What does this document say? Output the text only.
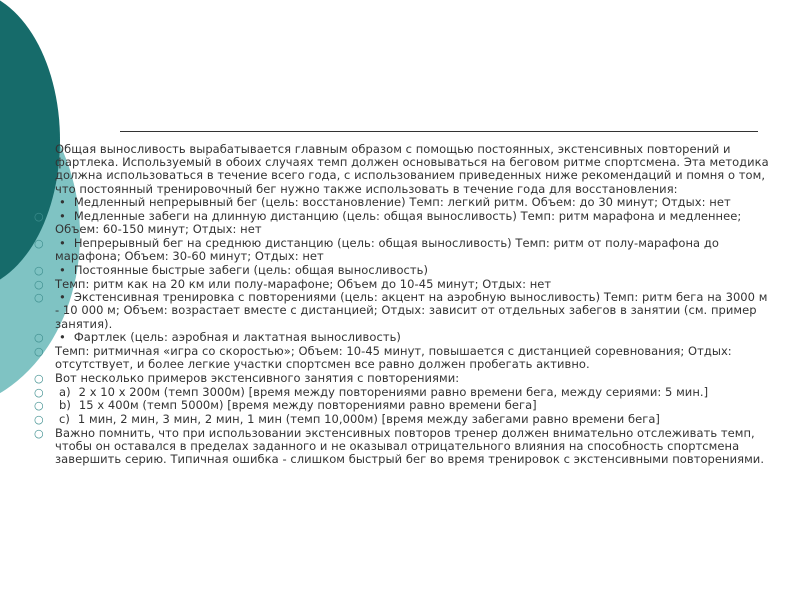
Общая выносливость вырабатывается главным образом с помощью постоянных, экстенсивных повторений и фартлека. Используемый в обоих случаях темп должен основываться на беговом ритме спортсмена. Эта методика должна использоваться в течение всего года, с использованием приведенных ниже рекомендаций и помня о том, что постоянный тренировочный бег нужно также использовать в течение года для восстановления:
• Медленный непрерывный бег (цель: восстановление) Темп: легкий ритм. Объем: до 30 минут; Отдых: нет
○ • Медленные забеги на длинную дистанцию (цель: общая выносливость) Темп: ритм марафона и медленнее; Объем: 60-150 минут; Отдых: нет
○ • Непрерывный бег на среднюю дистанцию (цель: общая выносливость) Темп: ритм от полу-марафона до марафона; Объем: 30-60 минут; Отдых: нет
○ • Постоянные быстрые забеги (цель: общая выносливость)
○ Темп: ритм как на 20 км или полу-марафоне; Объем до 10-45 минут; Отдых: нет
○ • Экстенсивная тренировка с повторениями (цель: акцент на аэробную выносливость) Темп: ритм бега на 3000 м - 10 000 м; Объем: возрастает вместе с дистанцией; Отдых: зависит от отдельных забегов в занятии (см. пример занятия).
○ • Фартлек (цель: аэробная и лактатная выносливость)
○ Темп: ритмичная «игра со скоростью»; Объем: 10-45 минут, повышается с дистанцией соревнования; Отдых: отсутствует, и более легкие участки спортсмен все равно должен пробегать активно.
○ Вот несколько примеров экстенсивного занятия с повторениями:
○ a) 2 x 10 x 200м (темп 3000м) [время между повторениями равно времени бега, между сериями: 5 мин.]
○ b) 15 x 400м (темп 5000м) [время между повторениями равно времени бега]
○ c) 1 мин, 2 мин, 3 мин, 2 мин, 1 мин (темп 10,000м) [время между забегами равно времени бега]
○ Важно помнить, что при использовании экстенсивных повторов тренер должен внимательно отслеживать темп, чтобы он оставался в пределах заданного и не оказывал отрицательного влияния на способность спортсмена завершить серию. Типичная ошибка - слишком быстрый бег во время тренировок с экстенсивными повторениями.
